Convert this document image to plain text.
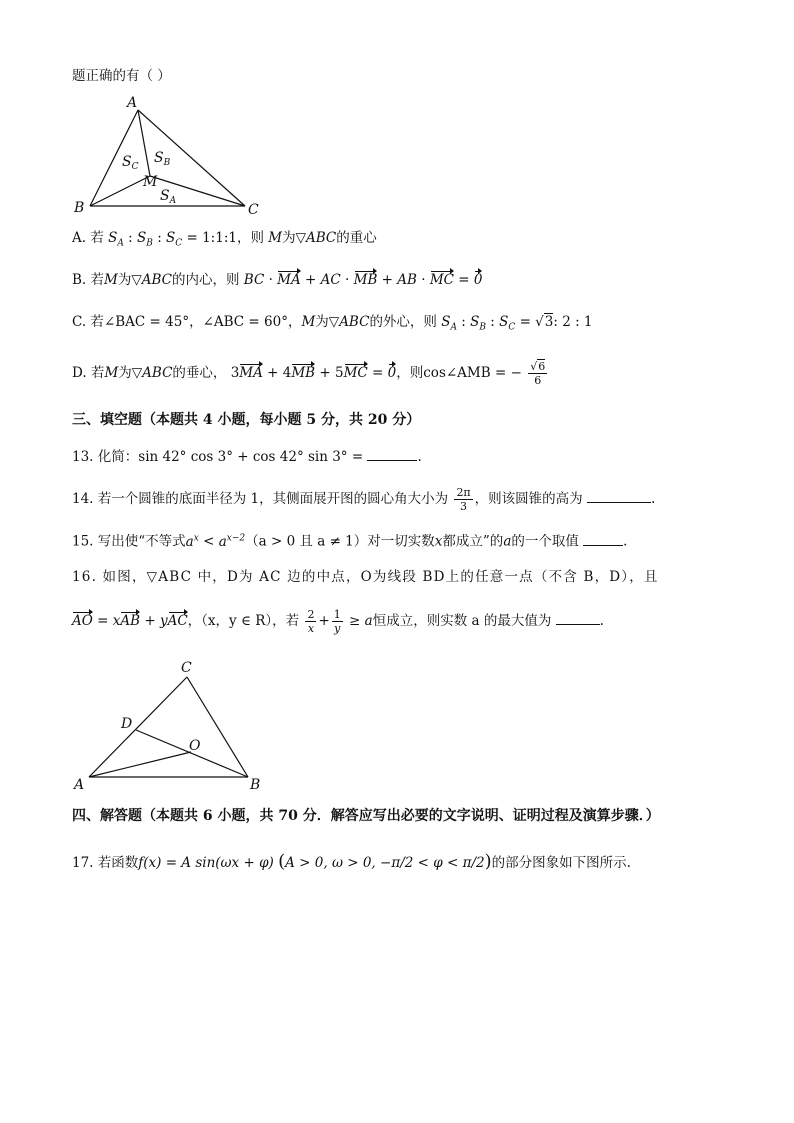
题正确的有（ ）
A
B	C
M
$S_C$
$S_B$
$S_A$
A. 若 $S_A$ : $S_B$ : $S_C$ = 1:1:1，则 M为▽ABC的重心
B. 若M为▽ABC的内心，则 BC · MA + AC · MB + AB · MC = 0
C. 若∠BAC = 45°，∠ABC = 60°，M为▽ABC的外心，则 $S_A$ : $S_B$ : $S_C = √3$: 2 : 1
D. 若M为▽ABC的垂心， 3MA + 4MB + 5MC = 0，则cos∠AMB = − $\frac{√6}{6}$
三、填空题（本题共 4 小题，每小题 5 分，共 20 分）
13. 化简：sin 42° cos 3° + cos 42° sin 3° =	.
14. 若一个圆锥的底面半径为 1，其侧面展开图的圆心角大小为 $\frac{2\pi}{3}$ ，则该圆锥的高为	.
15. 写出使“不等式$a^x < a^{x-2}(a > 0$ 且 a ≠ 1）对一切实数x都成立”的a的一个取值	.
16. 如图，▽ABC 中，D为 AC 边的中点，O为线段 BD上的任意一点（不含 B，D），且
AO = xAB + yAC，（x，y ∈ R），若 $\frac{2}{x} + \frac{1}{y} \ge a$恒成立，则实数 a 的最大值为	.
C
D
O
A	B
四、解答题（本题共 6 小题，共 70 分．解答应写出必要的文字说明、证明过程及演算步骤．）
17. 若函数f(x) = A sin(ωx + φ) (A > 0, ω > 0, −π/2 < φ < π/2)的部分图象如下图所示.
